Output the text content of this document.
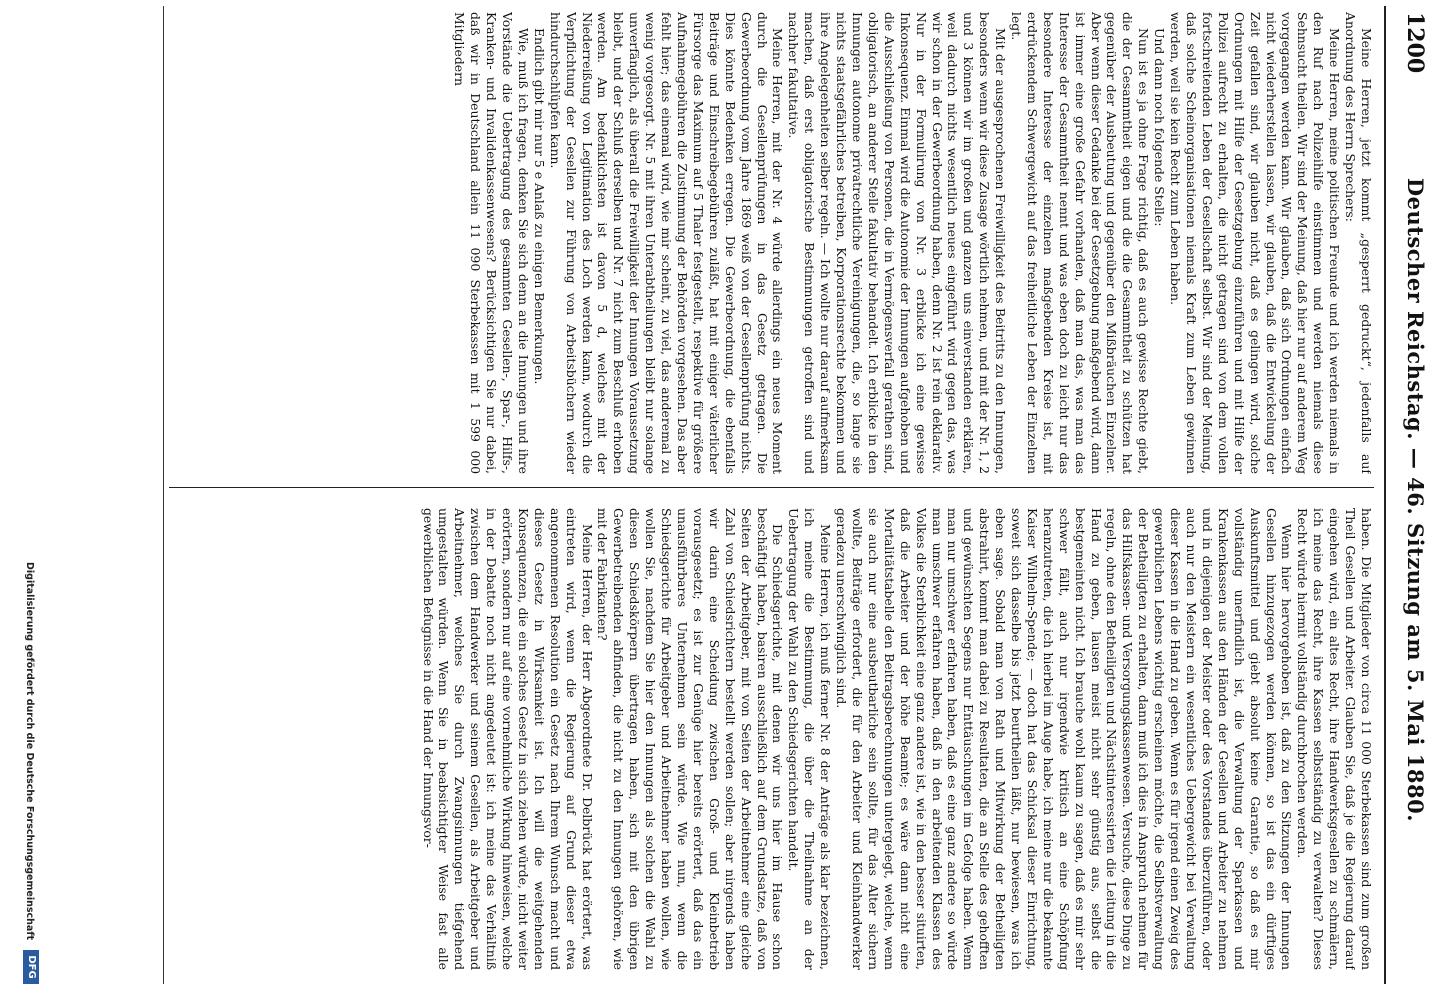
1200
Deutscher Reichstag. — 46. Sitzung am 5. Mai 1880.

Meine Herren, jetzt kommt „gesperrt gedruckt“, jedenfalls auf Anordnung des Herrn Sprechers:

Meine Herren, meine politischen Freunde und ich werden niemals in den Ruf nach Polizeihilfe einstimmen und werden niemals diese Sehnsucht theilen. Wir sind der Meinung, daß hier nur auf anderem Weg vorgegangen werden kann. Wir glauben, daß sich Ordnungen einfach nicht wiederherstellen lassen, wir glauben, daß die Entwickelung der Zeit gefallen sind, wir glauben nicht, daß es gelingen wird, solche Ordnungen mit Hilfe der Gesetzgebung einzuführen und mit Hilfe der Polizei aufrecht zu erhalten, die nicht getragen sind von dem vollen fortschreitenden Leben der Gesellschaft selbst. Wir sind der Meinung, daß solche Scheinorganisationen niemals Kraft zum Leben gewinnen werden, weil sie kein Recht zum Leben haben.

Und dann noch folgende Stelle:

Nun ist es ja ohne Frage richtig, daß es auch gewisse Rechte giebt, die der Gesammtheit eigen und die die Gesammtheit zu schützen hat gegenüber der Ausbeutung und gegenüber den Mißbräuchen Einzelner. Aber wenn dieser Gedanke bei der Gesetzgebung maßgebend wird, dann ist immer eine große Gefahr vorhanden, daß man das, was man das Interesse der Gesammtheit nennt und was eben doch zu leicht nur das besondere Interesse der einzelnen maßgebenden Kreise ist, mit erdrückendem Schwergewicht auf das freiheitliche Leben der Einzelnen legt.

Mit der ausgesprochenen Freiwilligkeit des Beitritts zu den Innungen, besonders wenn wir diese Zusage wörtlich nehmen, und mit der Nr. 1, 2 und 3 können wir im großen und ganzen uns einverstanden erklären, weil dadurch nichts wesentlich neues eingeführt wird gegen das, was wir schon in der Gewerbeordnung haben, denn Nr. 2 ist rein deklarativ. Nur in der Formulirung von Nr. 3 erblicke ich eine gewisse Inkonsequenz. Einmal wird die Autonomie der Innungen aufgehoben und die Ausschließung von Personen, die in Vermögensverfall gerathen sind, obligatorisch, an anderer Stelle fakultativ behandelt. Ich erblicke in den Innungen autonome privatrechtliche Vereinigungen, die, so lange sie nichts staatsgefährliches betreiben, Korporationsrechte bekommen und ihre Angelegenheiten selber regeln. — Ich wollte nur darauf aufmerksam machen, daß erst obligatorische Bestimmungen getroffen sind und nachher fakultative.

Meine Herren, mit der Nr. 4 würde allerdings ein neues Moment durch die Gesellenprüfungen in das Gesetz getragen. Die Gewerbeordnung vom Jahre 1869 weiß von der Gesellenprüfung nichts. Dies könnte Bedenken erregen. Die Gewerbeordnung, die ebenfalls Beiträge und Einschreibegebühren zuläßt, hat mit einiger väterlicher Fürsorge das Maximum auf 5 Thaler festgestellt, respektive für größere Aufnahmegebühren die Zustimmung der Behörden vorgesehen. Das aber fehlt hier; das einemal wird, wie mir scheint, zu viel, das anderemal zu wenig vorgesorgt. Nr. 5 mit ihren Unterabtheilungen bleibt nur solange unverfänglich, als überall die Freiwilligkeit der Innungen Voraussetzung bleibt, und der Schluß derselben und Nr. 7 nicht zum Beschluß erhoben werden. Am bedenklichsten ist davon 5 d, welches mit der Niederreißung von Legitimation des Loch werden kann, wodurch die Verpflichtung der Gesellen zur Führung von Arbeitsbüchern wieder hindurchschlüpfen kann.

Endlich gibt mir nur 5 e Anlaß zu einigen Bemerkungen.

Wie, muß ich fragen, denken Sie sich denn an die Innungen und ihre Vorstände die Uebertragung des gesammten Gesellen-, Spar-, Hilfs-, Kranken- und Invalidenkassenwesens? Berücksichtigen Sie nur dabei, daß wir in Deutschland allein 11 090 Sterbekassen mit 1 599 000 Mitgliedern

haben. Die Mitglieder von circa 11 000 Sterbekassen sind zum großen Theil Gesellen und Arbeiter. Glauben Sie, daß je die Regierung darauf eingehen wird, ein altes Recht, ihre Handwerksgesellen zu schmälern, ich meine das Recht, ihre Kassen selbstständig zu verwalten? Dieses Recht würde hiermit vollständig durchbrochen werden.

Wenn hier hervorgehoben ist, daß zu den Sitzungen der Innungen Gesellen hinzugezogen werden können, so ist das ein dürftiges Auskunftsmittel und giebt absolut keine Garantie, so daß es mir vollständig unerfindlich ist, die Verwaltung der Sparkassen und Krankenkassen aus den Händen der Gesellen und Arbeiter zu nehmen und in diejenigen der Meister oder des Vorstandes überzuführen, oder auch nur den Meistern ein wesentliches Uebergewicht bei Verwaltung dieser Kassen in die Hand zu geben. Wenn es für irgend einen Zweig des gewerblichen Lebens wichtig erscheinen möchte, die Selbstverwaltung der Betheiligten zu erhalten, dann muß ich dies in Anspruch nehmen für das Hilfskassen- und Versorgungskassenwesen. Versuche, diese Dinge zu regeln, ohne den Betheiligten und Nächstinteressirten die Leitung in die Hand zu geben, lausen meist nicht sehr günstig aus, selbst die bestgemeinten nicht. Ich brauche wohl kaum zu sagen, daß es mir sehr schwer fällt, auch nur irgendwie kritisch an eine Schöpfung heranzutreten, die ich hierbei im Auge habe, ich meine nur die bekannte Kaiser Wilhelm-Spende; — doch hat das Schicksal dieser Einrichtung, soweit sich dasselbe bis jetzt beurtheilen läßt, nur bewiesen, was ich eben sage. Sobald man von Rath und Mitwirkung der Betheiligten abstrahirt, kommt man dabei zu Resultaten, die an Stelle des gehofften und gewünschten Segens nur Enttäuschungen im Gefolge haben. Wenn man nur umschwer erfahren haben, daß es eine ganz andere so würde man umschwer erfahren haben, daß in den arbeitenden Klassen des Volkes die Sterblichkeit eine ganz andere ist, wie in den besser situirten, daß die Arbeiter und der höhe Beamte; es wäre dann nicht eine Mortalitätstabelle den Beitragsberechnungen untergelegt, welche, wenn sie auch nur eine ausbeutbarliche sein sollte, für das Alter sichern wollte, Beiträge erfordert, die für den Arbeiter und Kleinhandwerker geradezu unerschwinglich sind.

Meine Herren, ich muß ferner Nr. 8 der Anträge als klar bezeichnen, ich meine die Bestimmung, die über die Theilnahme an der Uebertragung der Wahl zu den Schiedsgerichten handelt.

Die Schiedsgerichte, mit denen wir uns hier im Hause schon beschäftigt haben, basiren ausschließlich auf dem Grundsatze, daß von Seiten der Arbeitgeber, mit von Seiten der Arbeitnehmer eine gleiche Zahl von Schiedsrichtern bestellt werden sollen; aber nirgends haben wir darin eine Scheidung zwischen Groß- und Kleinbetrieb vorausgesetzt; es ist zur Genüge hier bereits erörtert, daß das ein unausführbares Unternehmen sein würde. Wie nun, wenn die Schiedsgerichte für Arbeitgeber und Arbeitnehmer haben wollen, wie wollen Sie, nachdem Sie hier den Innungen als solchen die Wahl zu diesen Schiedskörpern übertragen haben, sich mit den übrigen Gewerbetreibenden abfinden, die nicht zu den Innungen gehören, wie mit der Fabrikanten?

Meine Herren, der Herr Abgeordnete Dr. Delbrück hat erörtert, was eintreten wird, wenn die Regierung auf Grund dieser etwa angenommenen Resolution ein Gesetz nach Ihrem Wunsch macht und dieses Gesetz in Wirksamkeit ist. Ich will die weitgehenden Konsequenzen, die ein solches Gesetz in sich ziehen würde, nicht weiter erörtern, sondern nur auf eine vornehmliche Wirkung hinweisen, welche in der Debatte noch nicht angedeutet ist: ich meine das Verhältniß zwischen dem Handwerker und seinem Gesellen, als Arbeitgeber und Arbeitnehmer, welches Sie durch Zwangsinnungen tiefgehend umgestalten würden. Wenn Sie in beabsichtigter Weise fast alle gewerblichen Befugnisse in die Hand der Innungsvor-

Digitalisierung gefördert durch die Deutsche Forschungsgemeinschaft
DFG
